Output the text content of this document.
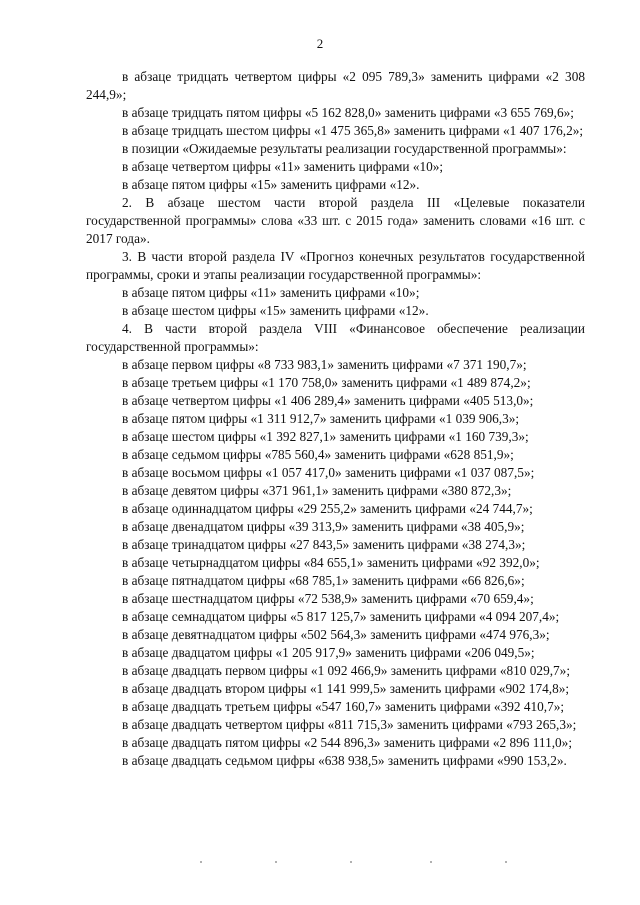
2

в абзаце тридцать четвертом цифры «2 095 789,3» заменить цифрами «2 308 244,9»;

в абзаце тридцать пятом цифры «5 162 828,0» заменить цифрами «3 655 769,6»;

в абзаце тридцать шестом цифры «1 475 365,8» заменить цифрами «1 407 176,2»;

в позиции «Ожидаемые результаты реализации государственной программы»:

в абзаце четвертом цифры «11» заменить цифрами «10»;

в абзаце пятом цифры «15» заменить цифрами «12».

2. В абзаце шестом части второй раздела III «Целевые показатели государственной программы» слова «33 шт. с 2015 года» заменить словами «16 шт. с 2017 года».

3. В части второй раздела IV «Прогноз конечных результатов государственной программы, сроки и этапы реализации государственной программы»:

в абзаце пятом цифры «11» заменить цифрами «10»;

в абзаце шестом цифры «15» заменить цифрами «12».

4. В части второй раздела VIII «Финансовое обеспечение реализации государственной программы»:

в абзаце первом цифры «8 733 983,1» заменить цифрами «7 371 190,7»;

в абзаце третьем цифры «1 170 758,0» заменить цифрами «1 489 874,2»;

в абзаце четвертом цифры «1 406 289,4» заменить цифрами «405 513,0»;

в абзаце пятом цифры «1 311 912,7» заменить цифрами «1 039 906,3»;

в абзаце шестом цифры «1 392 827,1» заменить цифрами «1 160 739,3»;

в абзаце седьмом цифры «785 560,4» заменить цифрами «628 851,9»;

в абзаце восьмом цифры «1 057 417,0» заменить цифрами «1 037 087,5»;

в абзаце девятом цифры «371 961,1» заменить цифрами «380 872,3»;

в абзаце одиннадцатом цифры «29 255,2» заменить цифрами «24 744,7»;

в абзаце двенадцатом цифры «39 313,9» заменить цифрами «38 405,9»;

в абзаце тринадцатом цифры «27 843,5» заменить цифрами «38 274,3»;

в абзаце четырнадцатом цифры «84 655,1» заменить цифрами «92 392,0»;

в абзаце пятнадцатом цифры «68 785,1» заменить цифрами «66 826,6»;

в абзаце шестнадцатом цифры «72 538,9» заменить цифрами «70 659,4»;

в абзаце семнадцатом цифры «5 817 125,7» заменить цифрами «4 094 207,4»;

в абзаце девятнадцатом цифры «502 564,3» заменить цифрами «474 976,3»;

в абзаце двадцатом цифры «1 205 917,9» заменить цифрами «206 049,5»;

в абзаце двадцать первом цифры «1 092 466,9» заменить цифрами «810 029,7»;

в абзаце двадцать втором цифры «1 141 999,5» заменить цифрами «902 174,8»;

в абзаце двадцать третьем цифры «547 160,7» заменить цифрами «392 410,7»;

в абзаце двадцать четвертом цифры «811 715,3» заменить цифрами «793 265,3»;

в абзаце двадцать пятом цифры «2 544 896,3» заменить цифрами «2 896 111,0»;

в абзаце двадцать седьмом цифры «638 938,5» заменить цифрами «990 153,2».
